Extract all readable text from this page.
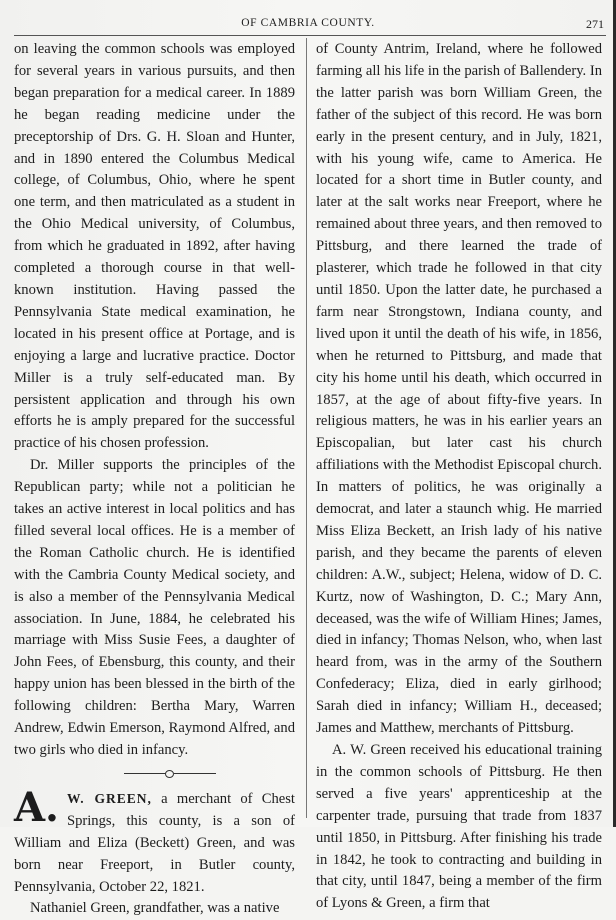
OF CAMBRIA COUNTY.	271

on leaving the common schools was employed for several years in various pursuits, and then began preparation for a medical career. In 1889 he began reading medicine under the preceptorship of Drs. G. H. Sloan and Hunter, and in 1890 entered the Columbus Medical college, of Columbus, Ohio, where he spent one term, and then matriculated as a student in the Ohio Medical university, of Columbus, from which he graduated in 1892, after having completed a thorough course in that well-known institution. Having passed the Pennsylvania State medical examination, he located in his present office at Portage, and is enjoying a large and lucrative practice. Doctor Miller is a truly self-educated man. By persistent application and through his own efforts he is amply prepared for the successful practice of his chosen profession.

Dr. Miller supports the principles of the Republican party; while not a politician he takes an active interest in local politics and has filled several local offices. He is a member of the Roman Catholic church. He is identified with the Cambria County Medical society, and is also a member of the Pennsylvania Medical association. In June, 1884, he celebrated his marriage with Miss Susie Fees, a daughter of John Fees, of Ebensburg, this county, and their happy union has been blessed in the birth of the following children: Bertha Mary, Warren Andrew, Edwin Emerson, Raymond Alfred, and two girls who died in infancy.

A. W. GREEN, a merchant of Chest Springs, this county, is a son of William and Eliza (Beckett) Green, and was born near Freeport, in Butler county, Pennsylvania, October 22, 1821.

Nathaniel Green, grandfather, was a native

of County Antrim, Ireland, where he followed farming all his life in the parish of Ballendery. In the latter parish was born William Green, the father of the subject of this record. He was born early in the present century, and in July, 1821, with his young wife, came to America. He located for a short time in Butler county, and later at the salt works near Freeport, where he remained about three years, and then removed to Pittsburg, and there learned the trade of plasterer, which trade he followed in that city until 1850. Upon the latter date, he purchased a farm near Strongstown, Indiana county, and lived upon it until the death of his wife, in 1856, when he returned to Pittsburg, and made that city his home until his death, which occurred in 1857, at the age of about fifty-five years. In religious matters, he was in his earlier years an Episcopalian, but later cast his church affiliations with the Methodist Episcopal church. In matters of politics, he was originally a democrat, and later a staunch whig. He married Miss Eliza Beckett, an Irish lady of his native parish, and they became the parents of eleven children: A.W., subject; Helena, widow of D. C. Kurtz, now of Washington, D. C.; Mary Ann, deceased, was the wife of William Hines; James, died in infancy; Thomas Nelson, who, when last heard from, was in the army of the Southern Confederacy; Eliza, died in early girlhood; Sarah died in infancy; William H., deceased; James and Matthew, merchants of Pittsburg.

A. W. Green received his educational training in the common schools of Pittsburg. He then served a five years' apprenticeship at the carpenter trade, pursuing that trade from 1837 until 1850, in Pittsburg. After finishing his trade in 1842, he took to contracting and building in that city, until 1847, being a member of the firm of Lyons & Green, a firm that
